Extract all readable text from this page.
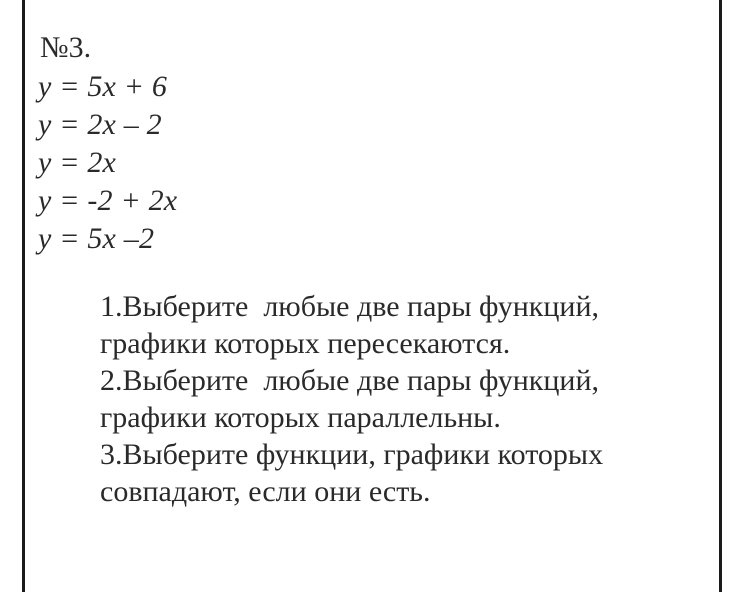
№3.
y = 5x + 6
y = 2x – 2
y = 2x
y = -2 + 2x
y = 5x –2
1.Выберите  любые две пары функций,
графики которых пересекаются.
2.Выберите  любые две пары функций,
графики которых параллельны.
3.Выберите функции, графики которых
совпадают, если они есть.
